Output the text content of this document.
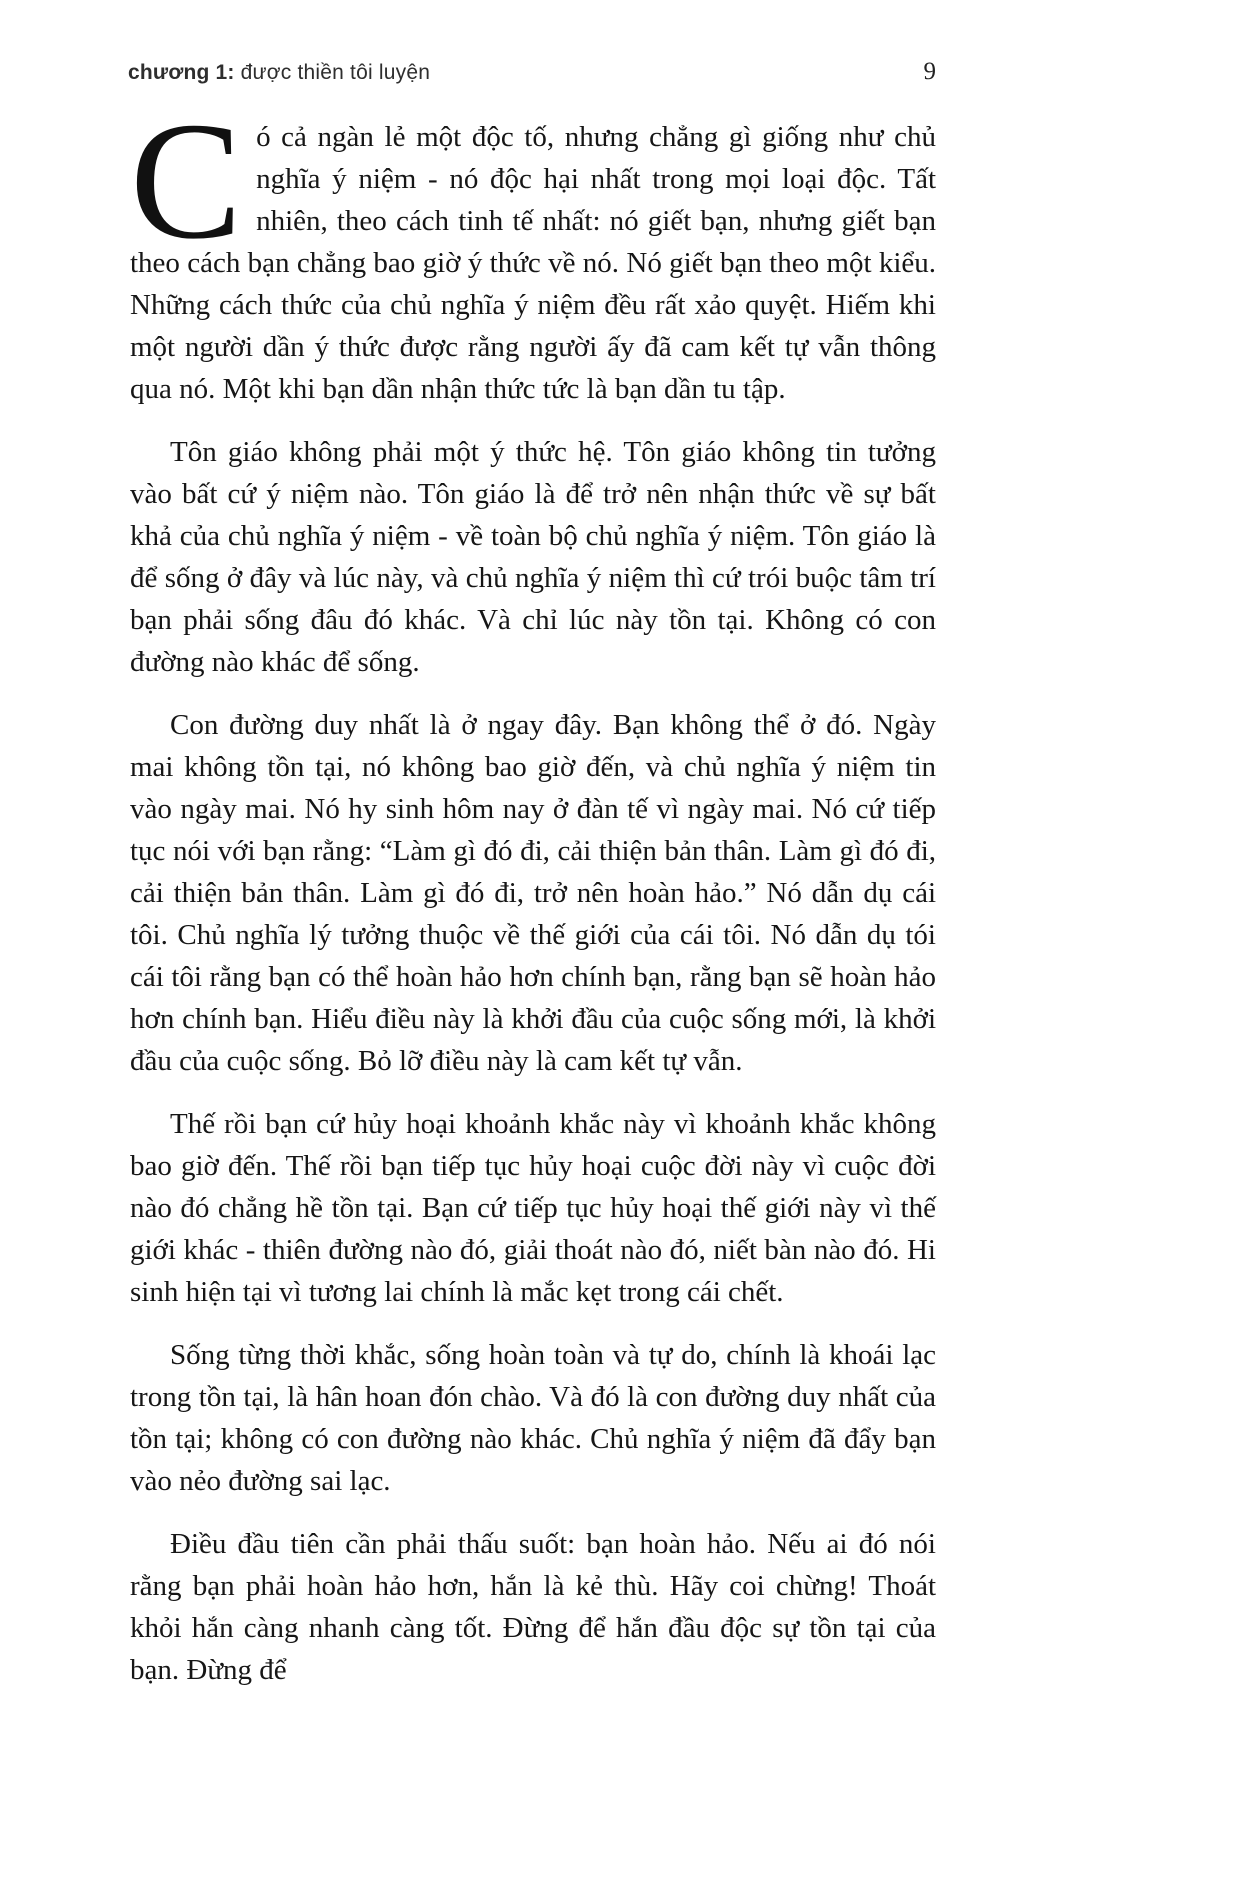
chương 1: được thiền tôi luyện	9

Có cả ngàn lẻ một độc tố, nhưng chẳng gì giống như chủ nghĩa ý niệm - nó độc hại nhất trong mọi loại độc. Tất nhiên, theo cách tinh tế nhất: nó giết bạn, nhưng giết bạn theo cách bạn chẳng bao giờ ý thức về nó. Nó giết bạn theo một kiểu. Những cách thức của chủ nghĩa ý niệm đều rất xảo quyệt. Hiếm khi một người dần ý thức được rằng người ấy đã cam kết tự vẫn thông qua nó. Một khi bạn dần nhận thức tức là bạn dần tu tập.

Tôn giáo không phải một ý thức hệ. Tôn giáo không tin tưởng vào bất cứ ý niệm nào. Tôn giáo là để trở nên nhận thức về sự bất khả của chủ nghĩa ý niệm - về toàn bộ chủ nghĩa ý niệm. Tôn giáo là để sống ở đây và lúc này, và chủ nghĩa ý niệm thì cứ trói buộc tâm trí bạn phải sống đâu đó khác. Và chỉ lúc này tồn tại. Không có con đường nào khác để sống.

Con đường duy nhất là ở ngay đây. Bạn không thể ở đó. Ngày mai không tồn tại, nó không bao giờ đến, và chủ nghĩa ý niệm tin vào ngày mai. Nó hy sinh hôm nay ở đàn tế vì ngày mai. Nó cứ tiếp tục nói với bạn rằng: “Làm gì đó đi, cải thiện bản thân. Làm gì đó đi, cải thiện bản thân. Làm gì đó đi, trở nên hoàn hảo.” Nó dẫn dụ cái tôi. Chủ nghĩa lý tưởng thuộc về thế giới của cái tôi. Nó dẫn dụ tói cái tôi rằng bạn có thể hoàn hảo hơn chính bạn, rằng bạn sẽ hoàn hảo hơn chính bạn. Hiểu điều này là khởi đầu của cuộc sống mới, là khởi đầu của cuộc sống. Bỏ lỡ điều này là cam kết tự vẫn.

Thế rồi bạn cứ hủy hoại khoảnh khắc này vì khoảnh khắc không bao giờ đến. Thế rồi bạn tiếp tục hủy hoại cuộc đời này vì cuộc đời nào đó chẳng hề tồn tại. Bạn cứ tiếp tục hủy hoại thế giới này vì thế giới khác - thiên đường nào đó, giải thoát nào đó, niết bàn nào đó. Hi sinh hiện tại vì tương lai chính là mắc kẹt trong cái chết.

Sống từng thời khắc, sống hoàn toàn và tự do, chính là khoái lạc trong tồn tại, là hân hoan đón chào. Và đó là con đường duy nhất của tồn tại; không có con đường nào khác. Chủ nghĩa ý niệm đã đẩy bạn vào nẻo đường sai lạc.

Điều đầu tiên cần phải thấu suốt: bạn hoàn hảo. Nếu ai đó nói rằng bạn phải hoàn hảo hơn, hắn là kẻ thù. Hãy coi chừng! Thoát khỏi hắn càng nhanh càng tốt. Đừng để hắn đầu độc sự tồn tại của bạn. Đừng để
